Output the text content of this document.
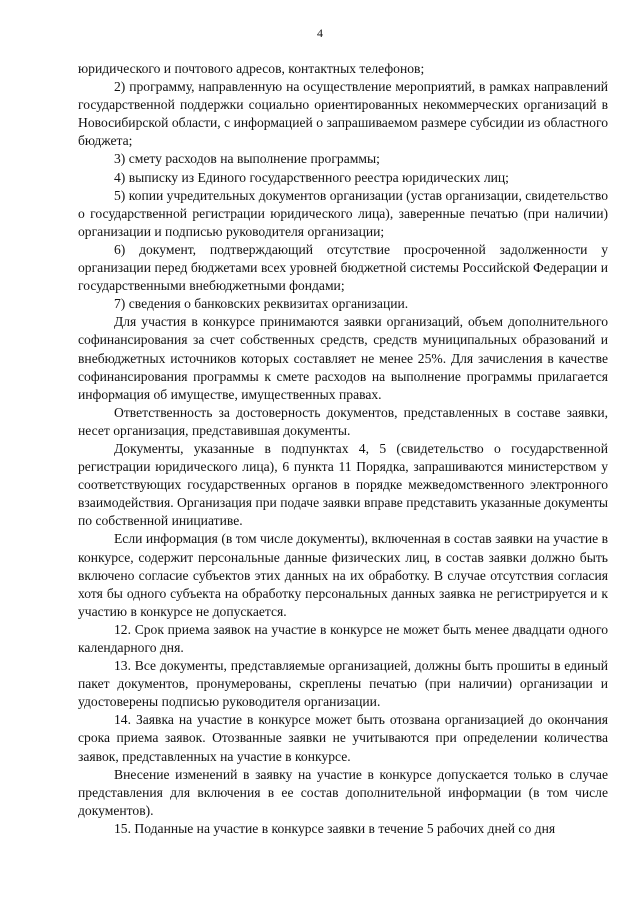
4

юридического и почтового адресов, контактных телефонов;

2) программу, направленную на осуществление мероприятий, в рамках направлений государственной поддержки социально ориентированных некоммерческих организаций в Новосибирской области, с информацией о запрашиваемом размере субсидии из областного бюджета;

3) смету расходов на выполнение программы;

4) выписку из Единого государственного реестра юридических лиц;

5) копии учредительных документов организации (устав организации, свидетельство о государственной регистрации юридического лица), заверенные печатью (при наличии) организации и подписью руководителя организации;

6) документ, подтверждающий отсутствие просроченной задолженности у организации перед бюджетами всех уровней бюджетной системы Российской Федерации и государственными внебюджетными фондами;

7) сведения о банковских реквизитах организации.

Для участия в конкурсе принимаются заявки организаций, объем дополнительного софинансирования за счет собственных средств, средств муниципальных образований и внебюджетных источников которых составляет не менее 25%. Для зачисления в качестве софинансирования программы к смете расходов на выполнение программы прилагается информация об имуществе, имущественных правах.

Ответственность за достоверность документов, представленных в составе заявки, несет организация, представившая документы.

Документы, указанные в подпунктах 4, 5 (свидетельство о государственной регистрации юридического лица), 6 пункта 11 Порядка, запрашиваются министерством у соответствующих государственных органов в порядке межведомственного электронного взаимодействия. Организация при подаче заявки вправе представить указанные документы по собственной инициативе.

Если информация (в том числе документы), включенная в состав заявки на участие в конкурсе, содержит персональные данные физических лиц, в состав заявки должно быть включено согласие субъектов этих данных на их обработку. В случае отсутствия согласия хотя бы одного субъекта на обработку персональных данных заявка не регистрируется и к участию в конкурсе не допускается.

12. Срок приема заявок на участие в конкурсе не может быть менее двадцати одного календарного дня.

13. Все документы, представляемые организацией, должны быть прошиты в единый пакет документов, пронумерованы, скреплены печатью (при наличии) организации и удостоверены подписью руководителя организации.

14. Заявка на участие в конкурсе может быть отозвана организацией до окончания срока приема заявок. Отозванные заявки не учитываются при определении количества заявок, представленных на участие в конкурсе.

Внесение изменений в заявку на участие в конкурсе допускается только в случае представления для включения в ее состав дополнительной информации (в том числе документов).

15. Поданные на участие в конкурсе заявки в течение 5 рабочих дней со дня
